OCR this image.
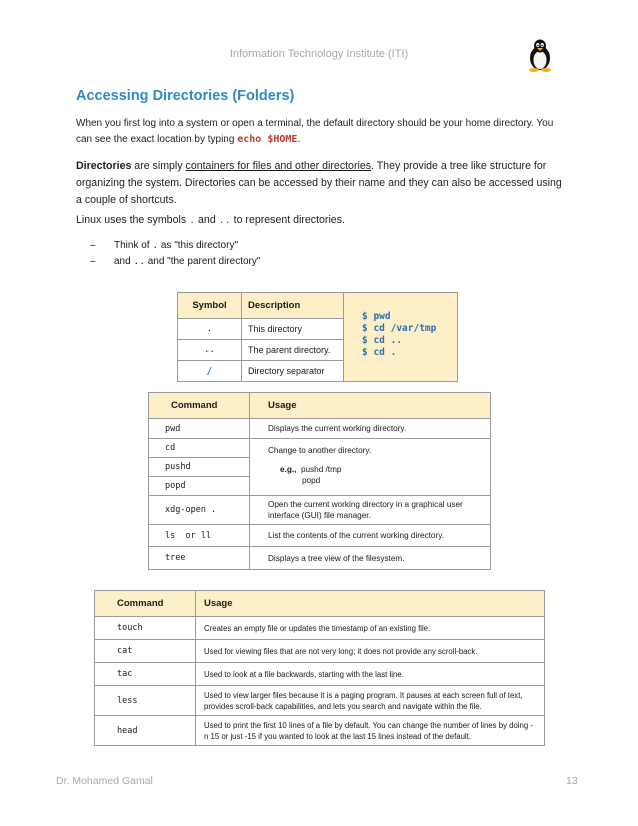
Information Technology Institute (ITI)
Accessing Directories (Folders)
When you first log into a system or open a terminal, the default directory should be your home directory. You can see the exact location by typing echo $HOME.
Directories are simply containers for files and other directories. They provide a tree like structure for organizing the system. Directories can be accessed by their name and they can also be accessed using a couple of shortcuts.
Linux uses the symbols . and .. to represent directories.
– Think of . as "this directory"
– and .. and "the parent directory"
Symbol	Description	$ pwd
$ cd /var/tmp
$ cd ..
$ cd .

.	This directory	
..	The parent directory.	
/	Directory separator	
Command	Usage
pwd	Displays the current working directory.
cd	Change to another directory.
e.g., pushd /tmp
popd

pushd	
popd	
xdg-open .	Open the current working directory in a graphical user interface (GUI) file manager.
ls  or ll	List the contents of the current working directory.
tree	Displays a tree view of the filesystem.
Command	Usage
touch	Creates an empty file or updates the timestamp of an existing file.
cat	Used for viewing files that are not very long; it does not provide any scroll-back.
tac	Used to look at a file backwards, starting with the last line.
less	Used to view larger files because it is a paging program. It pauses at each screen full of text, provides scroll-back capabilities, and lets you search and navigate within the file.
head	Used to print the first 10 lines of a file by default. You can change the number of lines by doing -n 15 or just -15 if you wanted to look at the last 15 lines instead of the default.
Dr. Mohamed Gamal	13
